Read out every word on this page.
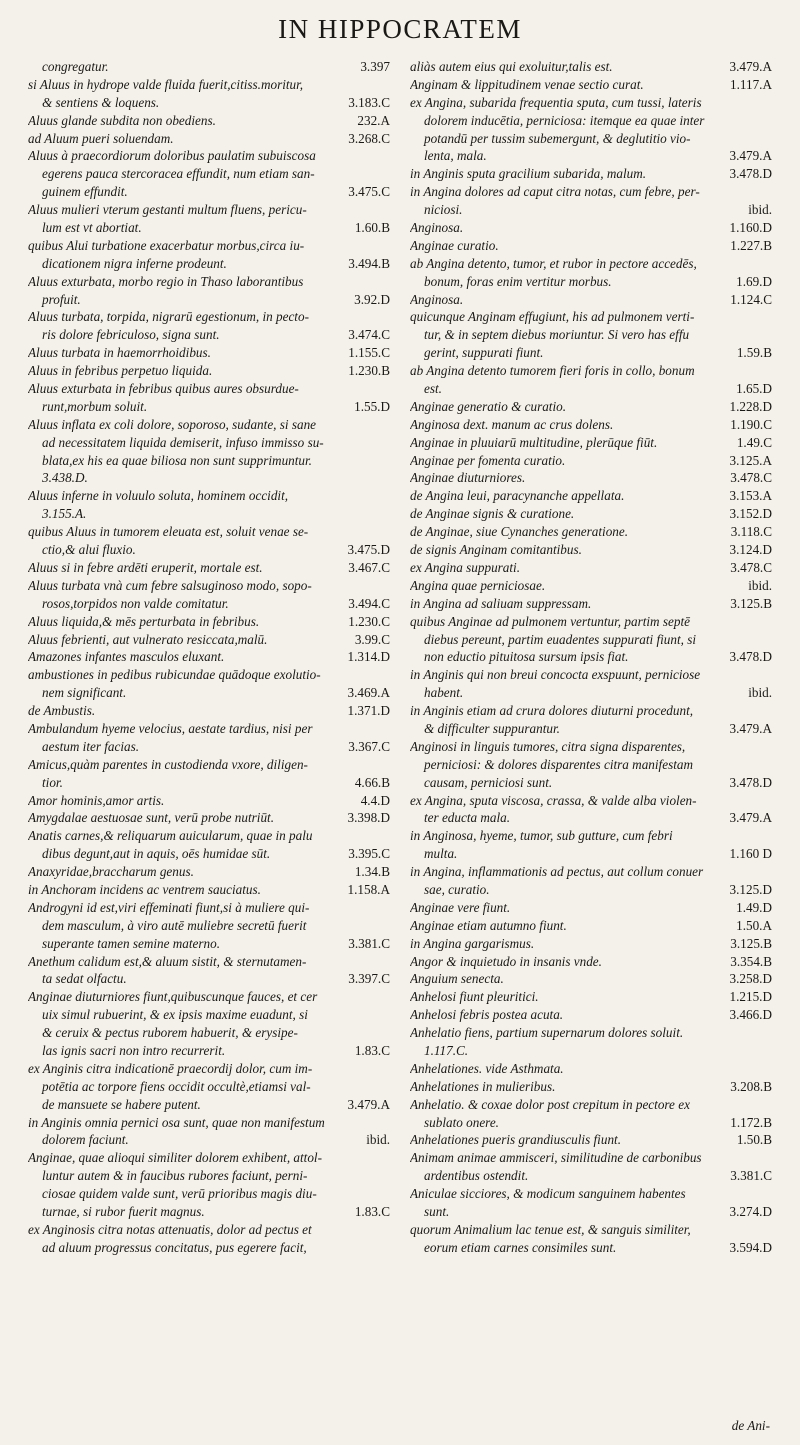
IN HIPPOCRATEM
congregatur.	3.397
si Aluus in hydrope valde fluida fuerit,citiss.moritur,
& sentiens & loquens.	3.183.C
Aluus glande subdita non obediens.	232.A
ad Aluum pueri soluendam.	3.268.C
Aluus à praecordiorum doloribus paulatim subuiscosa
egerens pauca stercoracea effundit, num etiam san-
guinem effundit.	3.475.C
Aluus mulieri vterum gestanti multum fluens, pericu-
lum est vt abortiat.	1.60.B
quibus Alui turbatione exacerbatur morbus,circa iu-
dicationem nigra inferne prodeunt.	3.494.B
Aluus exturbata, morbo regio in Thaso laborantibus
profuit.	3.92.D
Aluus turbata, torpida, nigrarū egestionum, in pecto-
ris dolore febriculoso, signa sunt.	3.474.C
Aluus turbata in haemorrhoidibus.	1.155.C
Aluus in febribus perpetuo liquida.	1.230.B
Aluus exturbata in febribus quibus aures obsurdue-
runt,morbum soluit.	1.55.D
Aluus inflata ex coli dolore, soporoso, sudante, si sane
ad necessitatem liquida demiserit, infuso immisso su-
blata,ex his ea quae biliosa non sunt supprimuntur.
3.438.D.
Aluus inferne in voluulo soluta, hominem occidit,
3.155.A.
quibus Aluus in tumorem eleuata est, soluit venae se-
ctio,& alui fluxio.	3.475.D
Aluus si in febre ardēti eruperit, mortale est.	3.467.C
Aluus turbata vnà cum febre salsuginoso modo, sopo-
rosos,torpidos non valde comitatur.	3.494.C
Aluus liquida,& mēs perturbata in febribus.	1.230.C
Aluus febrienti, aut vulnerato resiccata,malū.	3.99.C
Amazones infantes masculos eluxant.	1.314.D
ambustiones in pedibus rubicundae quādoque exolutio-
nem significant.	3.469.A
de Ambustis.	1.371.D
Ambulandum hyeme velocius, aestate tardius, nisi per
aestum iter facias.	3.367.C
Amicus,quàm parentes in custodienda vxore, diligen-
tior.	4.66.B
Amor hominis,amor artis.	4.4.D
Amygdalae aestuosae sunt, verū probe nutriūt.	3.398.D
Anatis carnes,& reliquarum auicularum, quae in palu
dibus degunt,aut in aquis, oēs humidae sūt.	3.395.C
Anaxyridae,braccharum genus.	1.34.B
in Anchoram incidens ac ventrem sauciatus.	1.158.A
Androgyni id est,viri effeminati fiunt,si à muliere qui-
dem masculum, à viro autē muliebre secretū fuerit
superante tamen semine materno.	3.381.C
Anethum calidum est,& aluum sistit, & sternutamen-
ta sedat olfactu.	3.397.C
Anginae diuturniores fiunt,quibuscunque fauces, et cer
uix simul rubuerint, & ex ipsis maxime euadunt, si
& ceruix & pectus ruborem habuerit, & erysipe-
las ignis sacri non intro recurrerit.	1.83.C
ex Anginis citra indicationē praecordij dolor, cum im-
potētia ac torpore fiens occidit occultè,etiamsi val-
de mansuete se habere putent.	3.479.A
in Anginis omnia pernici osa sunt, quae non manifestum
dolorem faciunt.	ibid.
Anginae, quae alioqui similiter dolorem exhibent, attol-
luntur autem & in faucibus rubores faciunt, perni-
ciosae quidem valde sunt, verū prioribus magis diu-
turnae, si rubor fuerit magnus.	1.83.C
ex Anginosis citra notas attenuatis, dolor ad pectus et
ad aluum progressus concitatus, pus egerere facit,
aliàs autem eius qui exoluitur,talis est.	3.479.A
Anginam & lippitudinem venae sectio curat.	1.117.A
ex Angina, subarida frequentia sputa, cum tussi, lateris
dolorem inducētia, perniciosa: itemque ea quae inter
potandū per tussim subemergunt, & deglutitio vio-
lenta, mala.	3.479.A
in Anginis sputa gracilium subarida, malum.	3.478.D
in Angina dolores ad caput citra notas, cum febre, per-
niciosi.	ibid.
Anginosa.	1.160.D
Anginae curatio.	1.227.B
ab Angina detento, tumor, et rubor in pectore accedēs,
bonum, foras enim vertitur morbus.	1.69.D
Anginosa.	1.124.C
quicunque Anginam effugiunt, his ad pulmonem verti-
tur, & in septem diebus moriuntur. Si vero has effu
gerint, suppurati fiunt.	1.59.B
ab Angina detento tumorem fieri foris in collo, bonum
est.	1.65.D
Anginae generatio & curatio.	1.228.D
Anginosa dext. manum ac crus dolens.	1.190.C
Anginae in pluuiarū multitudine, plerūque fiūt.	1.49.C
Anginae per fomenta curatio.	3.125.A
Anginae diuturniores.	3.478.C
de Angina leui, paracynanche appellata.	3.153.A
de Anginae signis & curatione.	3.152.D
de Anginae, siue Cynanches generatione.	3.118.C
de signis Anginam comitantibus.	3.124.D
ex Angina suppurati.	3.478.C
Angina quae perniciosae.	ibid.
in Angina ad saliuam suppressam.	3.125.B
quibus Anginae ad pulmonem vertuntur, partim septē
diebus pereunt, partim euadentes suppurati fiunt, si
non eductio pituitosa sursum ipsis fiat.	3.478.D
in Anginis qui non breui concocta exspuunt, perniciose
habent.	ibid.
in Anginis etiam ad crura dolores diuturni procedunt,
& difficulter suppurantur.	3.479.A
Anginosi in linguis tumores, citra signa disparentes,
perniciosi: & dolores disparentes citra manifestam
causam, perniciosi sunt.	3.478.D
ex Angina, sputa viscosa, crassa, & valde alba violen-
ter educta mala.	3.479.A
in Anginosa, hyeme, tumor, sub gutture, cum febri
multa.	1.160 D
in Angina, inflammationis ad pectus, aut collum conuer
sae, curatio.	3.125.D
Anginae vere fiunt.	1.49.D
Anginae etiam autumno fiunt.	1.50.A
in Angina gargarismus.	3.125.B
Angor & inquietudo in insanis vnde.	3.354.B
Anguium senecta.	3.258.D
Anhelosi fiunt pleuritici.	1.215.D
Anhelosi febris postea acuta.	3.466.D
Anhelatio fiens, partium supernarum dolores soluit.
1.117.C.
Anhelationes. vide Asthmata.
Anhelationes in mulieribus.	3.208.B
Anhelatio. & coxae dolor post crepitum in pectore ex
sublato onere.	1.172.B
Anhelationes pueris grandiusculis fiunt.	1.50.B
Animam animae ammisceri, similitudine de carbonibus
ardentibus ostendit.	3.381.C
Aniculae sicciores, & modicum sanguinem habentes
sunt.	3.274.D
quorum Animalium lac tenue est, & sanguis similiter,
eorum etiam carnes consimiles sunt.	3.594.D
de Ani-
